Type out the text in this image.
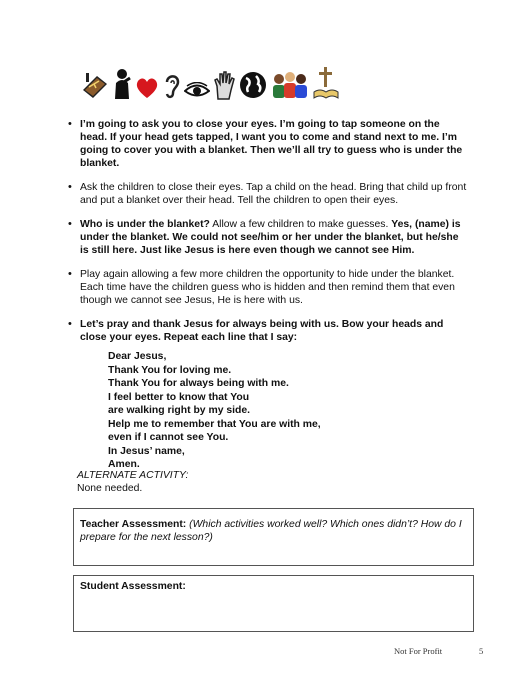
• I’m going to ask you to close your eyes. I’m going to tap someone on the head. If your head gets tapped, I want you to come and stand next to me. I’m going to cover you with a blanket. Then we’ll all try to guess who is under the blanket.
• Ask the children to close their eyes. Tap a child on the head. Bring that child up front and put a blanket over their head. Tell the children to open their eyes.
• Who is under the blanket? Allow a few children to make guesses. Yes, (name) is under the blanket. We could not see/him or her under the blanket, but he/she is still here. Just like Jesus is here even though we cannot see Him.
• Play again allowing a few more children the opportunity to hide under the blanket. Each time have the children guess who is hidden and then remind them that even though we cannot see Jesus, He is here with us.
• Let’s pray and thank Jesus for always being with us. Bow your heads and close your eyes. Repeat each line that I say:
Dear Jesus,
Thank You for loving me.
Thank You for always being with me.
I feel better to know that You
are walking right by my side.
Help me to remember that You are with me,
even if I cannot see You.
In Jesus’ name,
Amen.
ALTERNATE ACTIVITY:
None needed.
Teacher Assessment: (Which activities worked well? Which ones didn’t? How do I prepare for the next lesson?)
Student Assessment:
Not For Profit	5
